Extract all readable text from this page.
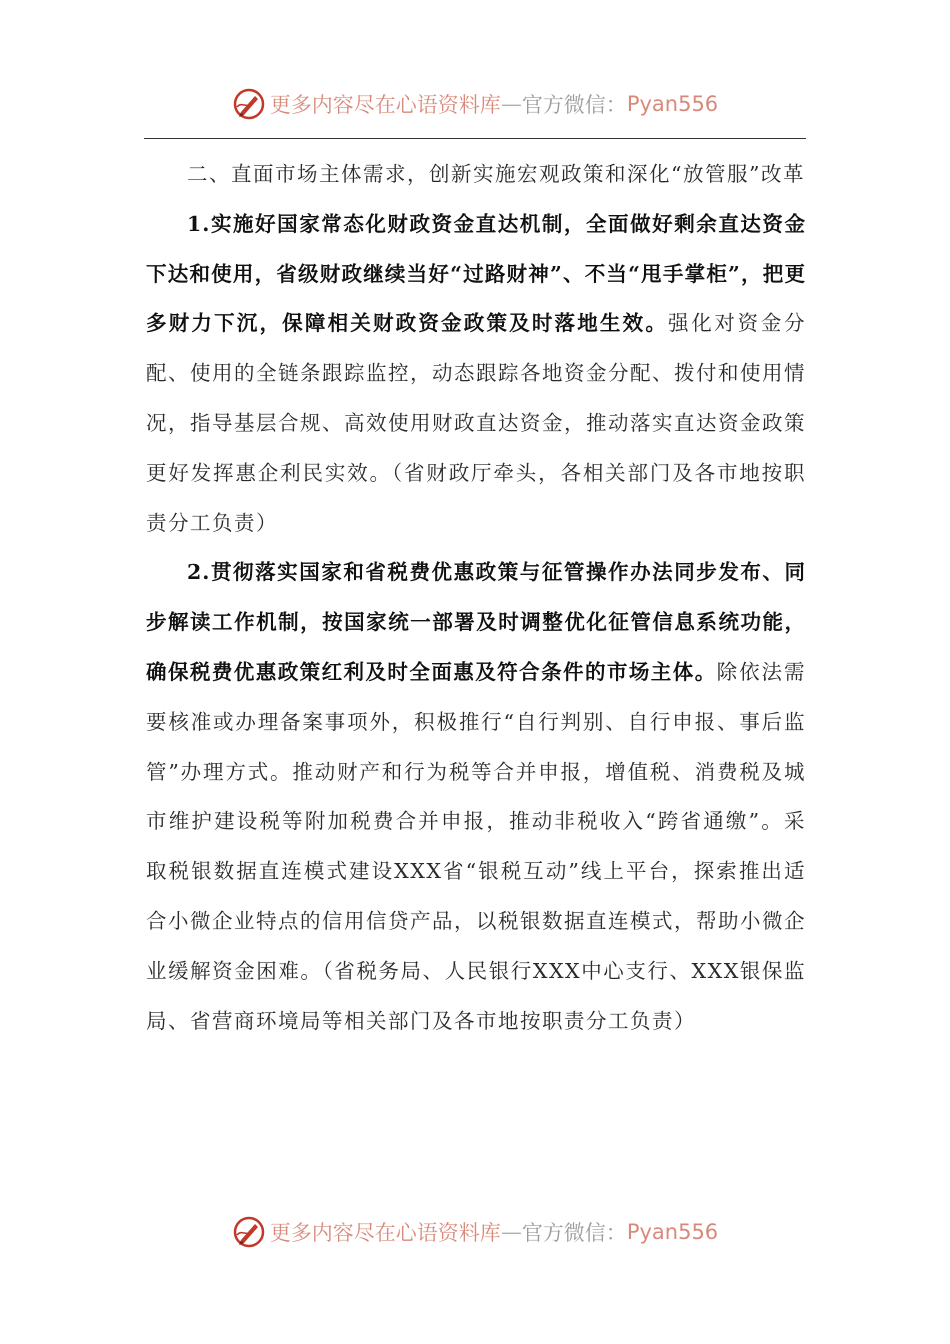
更多内容尽在心语资料库 — 官方微信： Pyan556

二、直面市场主体需求，创新实施宏观政策和深化“放管服”改革

1.实施好国家常态化财政资金直达机制，全面做好剩余直达资金下达和使用，省级财政继续当好“过路财神”、不当“甩手掌柜”，把更多财力下沉，保障相关财政资金政策及时落地生效。强化对资金分配、使用的全链条跟踪监控，动态跟踪各地资金分配、拨付和使用情况，指导基层合规、高效使用财政直达资金，推动落实直达资金政策更好发挥惠企利民实效。（省财政厅牵头，各相关部门及各市地按职责分工负责）

2.贯彻落实国家和省税费优惠政策与征管操作办法同步发布、同步解读工作机制，按国家统一部署及时调整优化征管信息系统功能，确保税费优惠政策红利及时全面惠及符合条件的市场主体。除依法需要核准或办理备案事项外，积极推行“自行判别、自行申报、事后监管”办理方式。推动财产和行为税等合并申报，增值税、消费税及城市维护建设税等附加税费合并申报，推动非税收入“跨省通缴”。采取税银数据直连模式建设XXX省“银税互动”线上平台，探索推出适合小微企业特点的信用信贷产品，以税银数据直连模式，帮助小微企业缓解资金困难。（省税务局、人民银行XXX中心支行、XXX银保监局、省营商环境局等相关部门及各市地按职责分工负责）

更多内容尽在心语资料库 — 官方微信： Pyan556
